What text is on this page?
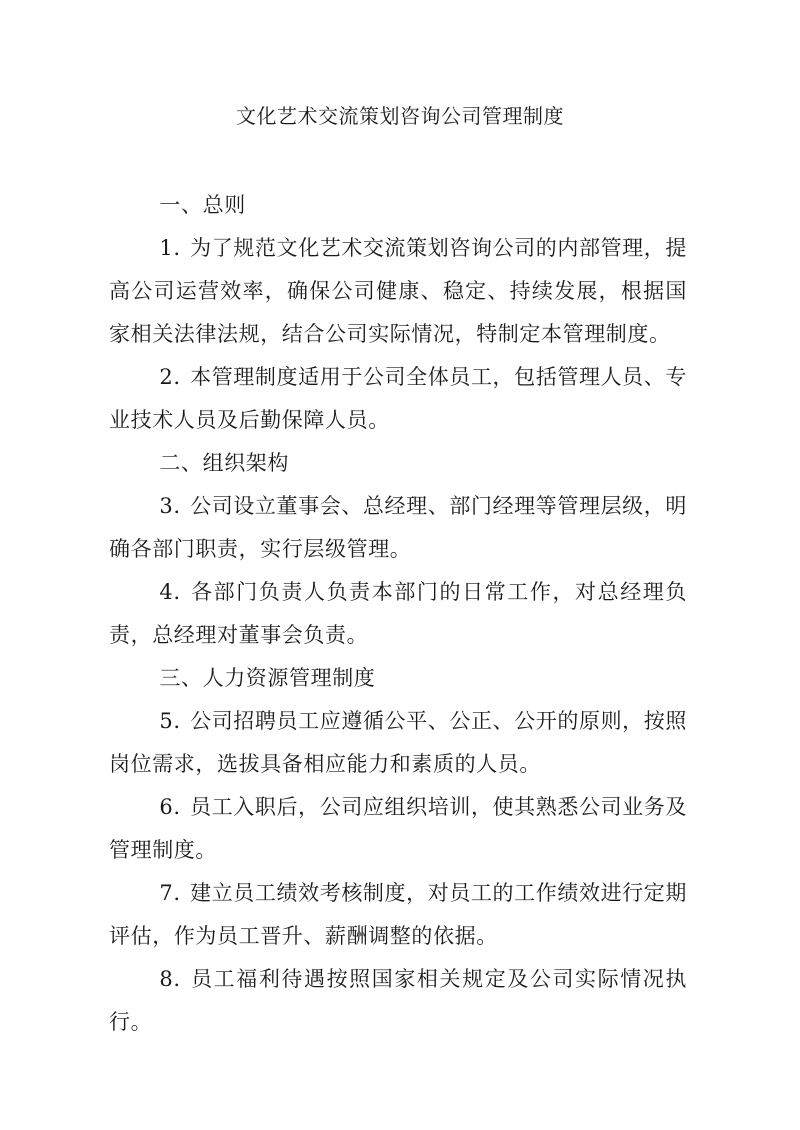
文化艺术交流策划咨询公司管理制度

一、总则

1. 为了规范文化艺术交流策划咨询公司的内部管理，提高公司运营效率，确保公司健康、稳定、持续发展，根据国家相关法律法规，结合公司实际情况，特制定本管理制度。

2. 本管理制度适用于公司全体员工，包括管理人员、专业技术人员及后勤保障人员。

二、组织架构

3. 公司设立董事会、总经理、部门经理等管理层级，明确各部门职责，实行层级管理。

4. 各部门负责人负责本部门的日常工作，对总经理负责，总经理对董事会负责。

三、人力资源管理制度

5. 公司招聘员工应遵循公平、公正、公开的原则，按照岗位需求，选拔具备相应能力和素质的人员。

6. 员工入职后，公司应组织培训，使其熟悉公司业务及管理制度。

7. 建立员工绩效考核制度，对员工的工作绩效进行定期评估，作为员工晋升、薪酬调整的依据。

8. 员工福利待遇按照国家相关规定及公司实际情况执行。
